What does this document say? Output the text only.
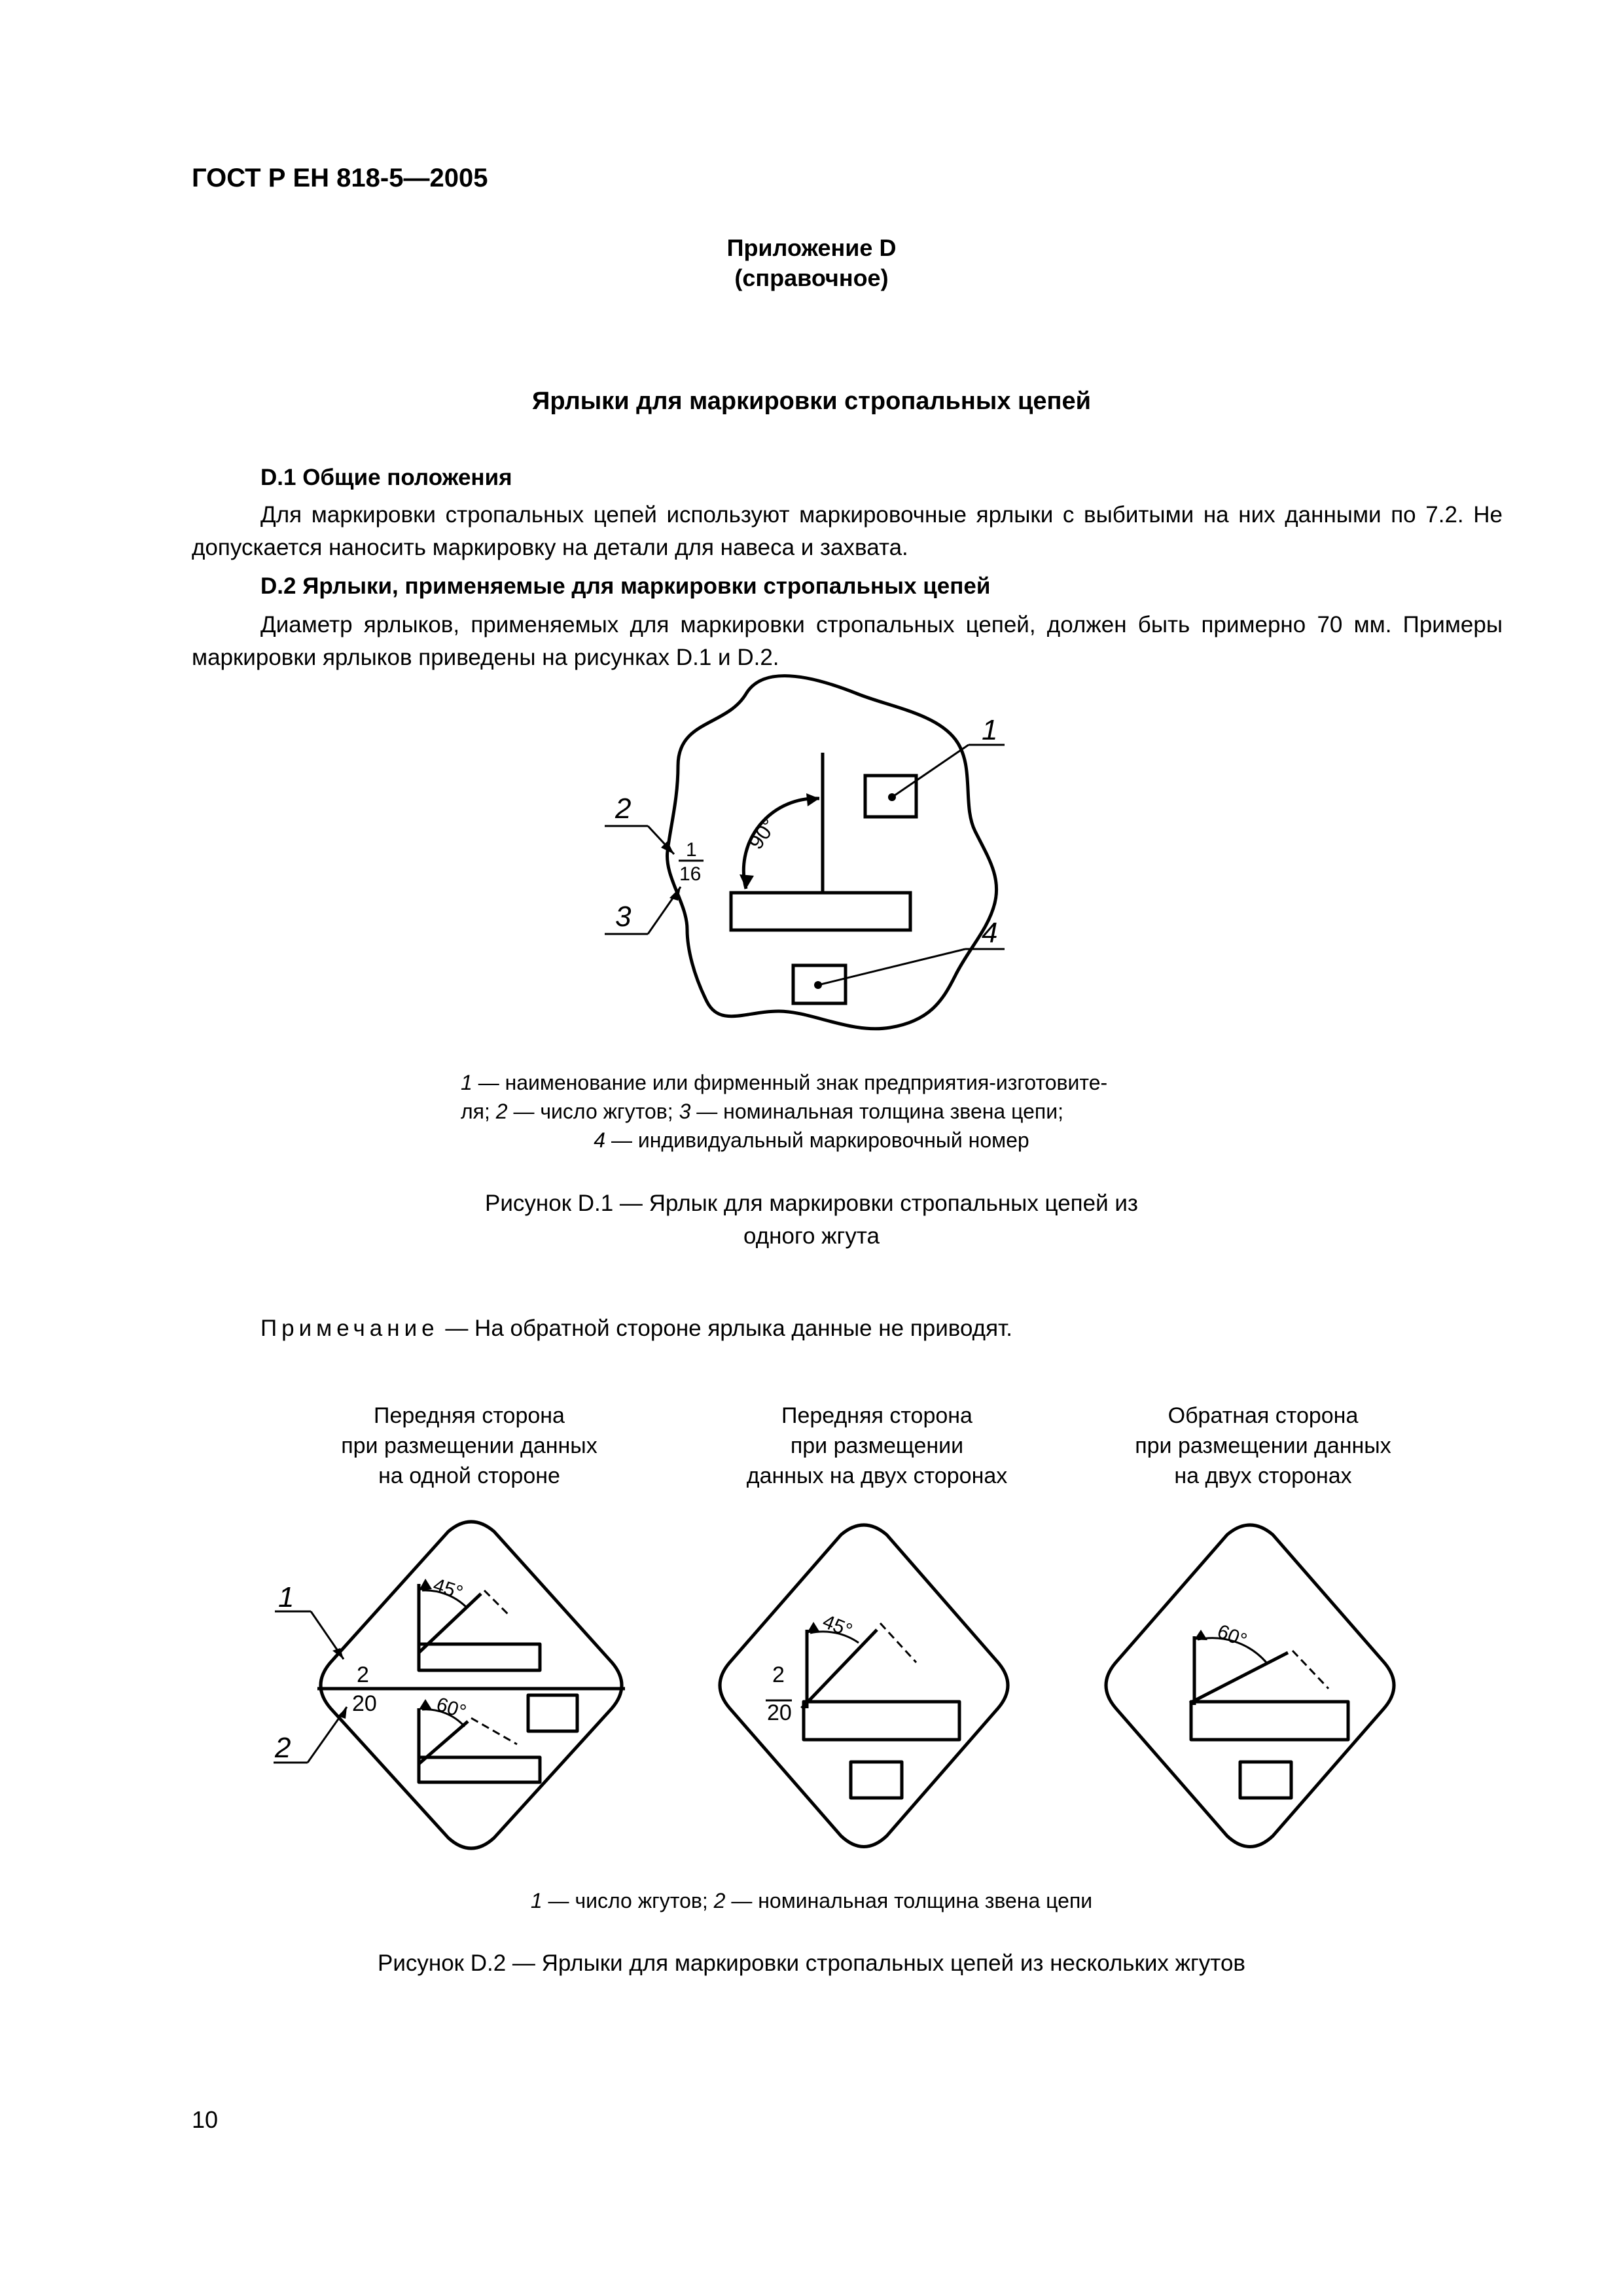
ГОСТ Р ЕН 818-5—2005
Приложение D
(справочное)
Ярлыки для маркировки стропальных цепей
D.1 Общие положения

Для маркировки стропальных цепей используют маркировочные ярлыки с выбитыми на них данными по 7.2. Не допускается наносить маркировку на детали для навеса и захвата.

D.2 Ярлыки, применяемые для маркировки стропальных цепей

Диаметр ярлыков, применяемых для маркировки стропальных цепей, должен быть примерно 70 мм. Примеры маркировки ярлыков приведены на рисунках D.1 и D.2.

2
3
1
4
1
16
90°
1 — наименование или фирменный знак предприятия-изготовите-
ля; 2 — число жгутов; 3 — номинальная толщина звена цепи;
4 — индивидуальный маркировочный номер
Рисунок D.1 — Ярлык для маркировки стропальных цепей из
одного жгута
Примечание — На обратной стороне ярлыка данные не приводят.
Передняя сторона
при размещении данных
на одной стороне
Передняя сторона
при размещении
данных на двух сторонах
Обратная сторона
при размещении данных
на двух сторонах
1
2
2
20
45°
60°
2
20
45°	60°
1 — число жгутов; 2 — номинальная толщина звена цепи
Рисунок D.2 — Ярлыки для маркировки стропальных цепей из нескольких жгутов
10
